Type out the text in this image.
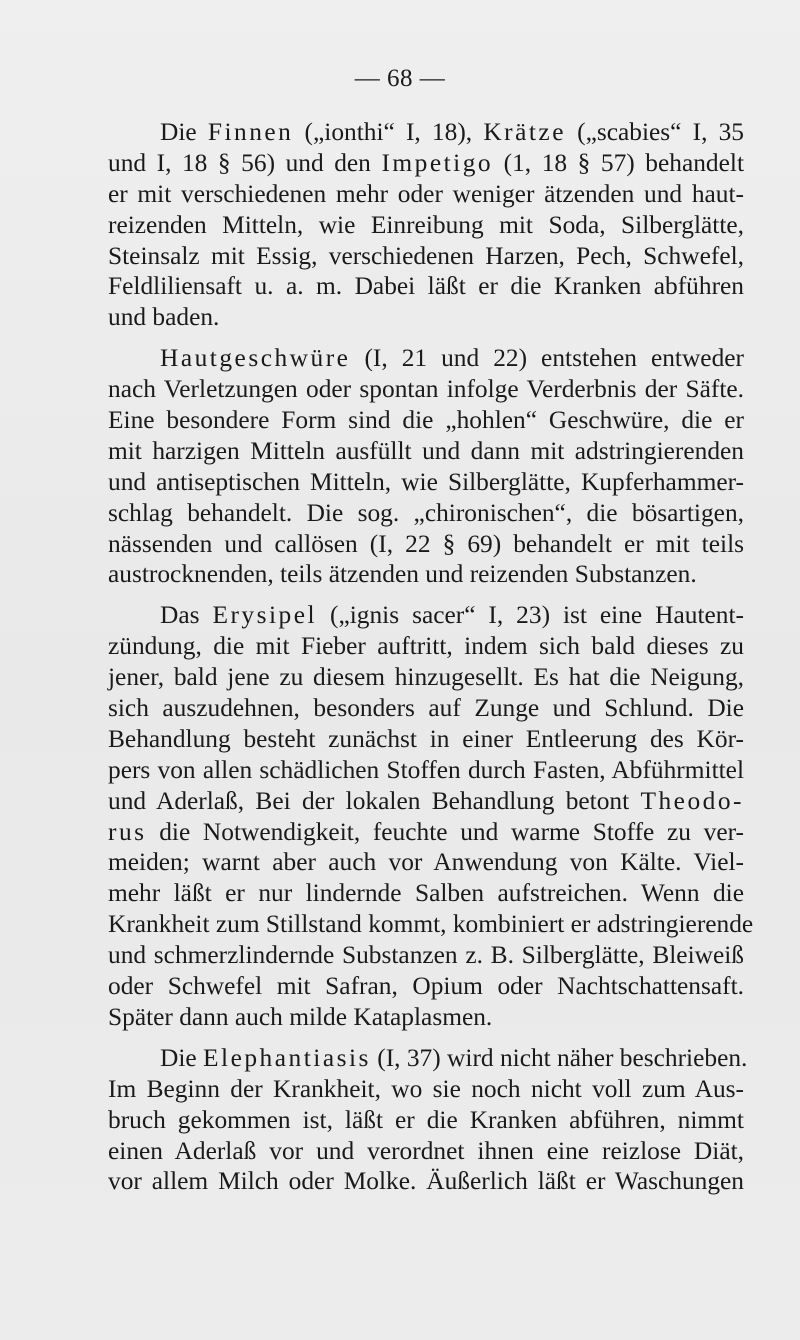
— 68 —
Die Finnen („ionthi“ I, 18), Krätze („scabies“ I, 35
und I, 18 § 56) und den Impetigo (1, 18 § 57) behandelt
er mit verschiedenen mehr oder weniger ätzenden und haut-
reizenden Mitteln, wie Einreibung mit Soda, Silberglätte,
Steinsalz mit Essig, verschiedenen Harzen, Pech, Schwefel,
Feldliliensaft u. a. m. Dabei läßt er die Kranken abführen
und baden.
Hautgeschwüre (I, 21 und 22) entstehen entweder
nach Verletzungen oder spontan infolge Verderbnis der Säfte.
Eine besondere Form sind die „hohlen“ Geschwüre, die er
mit harzigen Mitteln ausfüllt und dann mit adstringierenden
und antiseptischen Mitteln, wie Silberglätte, Kupferhammer-
schlag behandelt. Die sog. „chironischen“, die bösartigen,
nässenden und callösen (I, 22 § 69) behandelt er mit teils
austrocknenden, teils ätzenden und reizenden Substanzen.
Das Erysipel („ignis sacer“ I, 23) ist eine Hautent-
zündung, die mit Fieber auftritt, indem sich bald dieses zu
jener, bald jene zu diesem hinzugesellt. Es hat die Neigung,
sich auszudehnen, besonders auf Zunge und Schlund. Die
Behandlung besteht zunächst in einer Entleerung des Kör-
pers von allen schädlichen Stoffen durch Fasten, Abführmittel
und Aderlaß, Bei der lokalen Behandlung betont Theodo-
rus die Notwendigkeit, feuchte und warme Stoffe zu ver-
meiden; warnt aber auch vor Anwendung von Kälte. Viel-
mehr läßt er nur lindernde Salben aufstreichen. Wenn die
Krankheit zum Stillstand kommt, kombiniert er adstringierende
und schmerzlindernde Substanzen z. B. Silberglätte, Bleiweiß
oder Schwefel mit Safran, Opium oder Nachtschattensaft.
Später dann auch milde Kataplasmen.
Die Elephantiasis (I, 37) wird nicht näher beschrieben.
Im Beginn der Krankheit, wo sie noch nicht voll zum Aus-
bruch gekommen ist, läßt er die Kranken abführen, nimmt
einen Aderlaß vor und verordnet ihnen eine reizlose Diät,
vor allem Milch oder Molke. Äußerlich läßt er Waschungen
